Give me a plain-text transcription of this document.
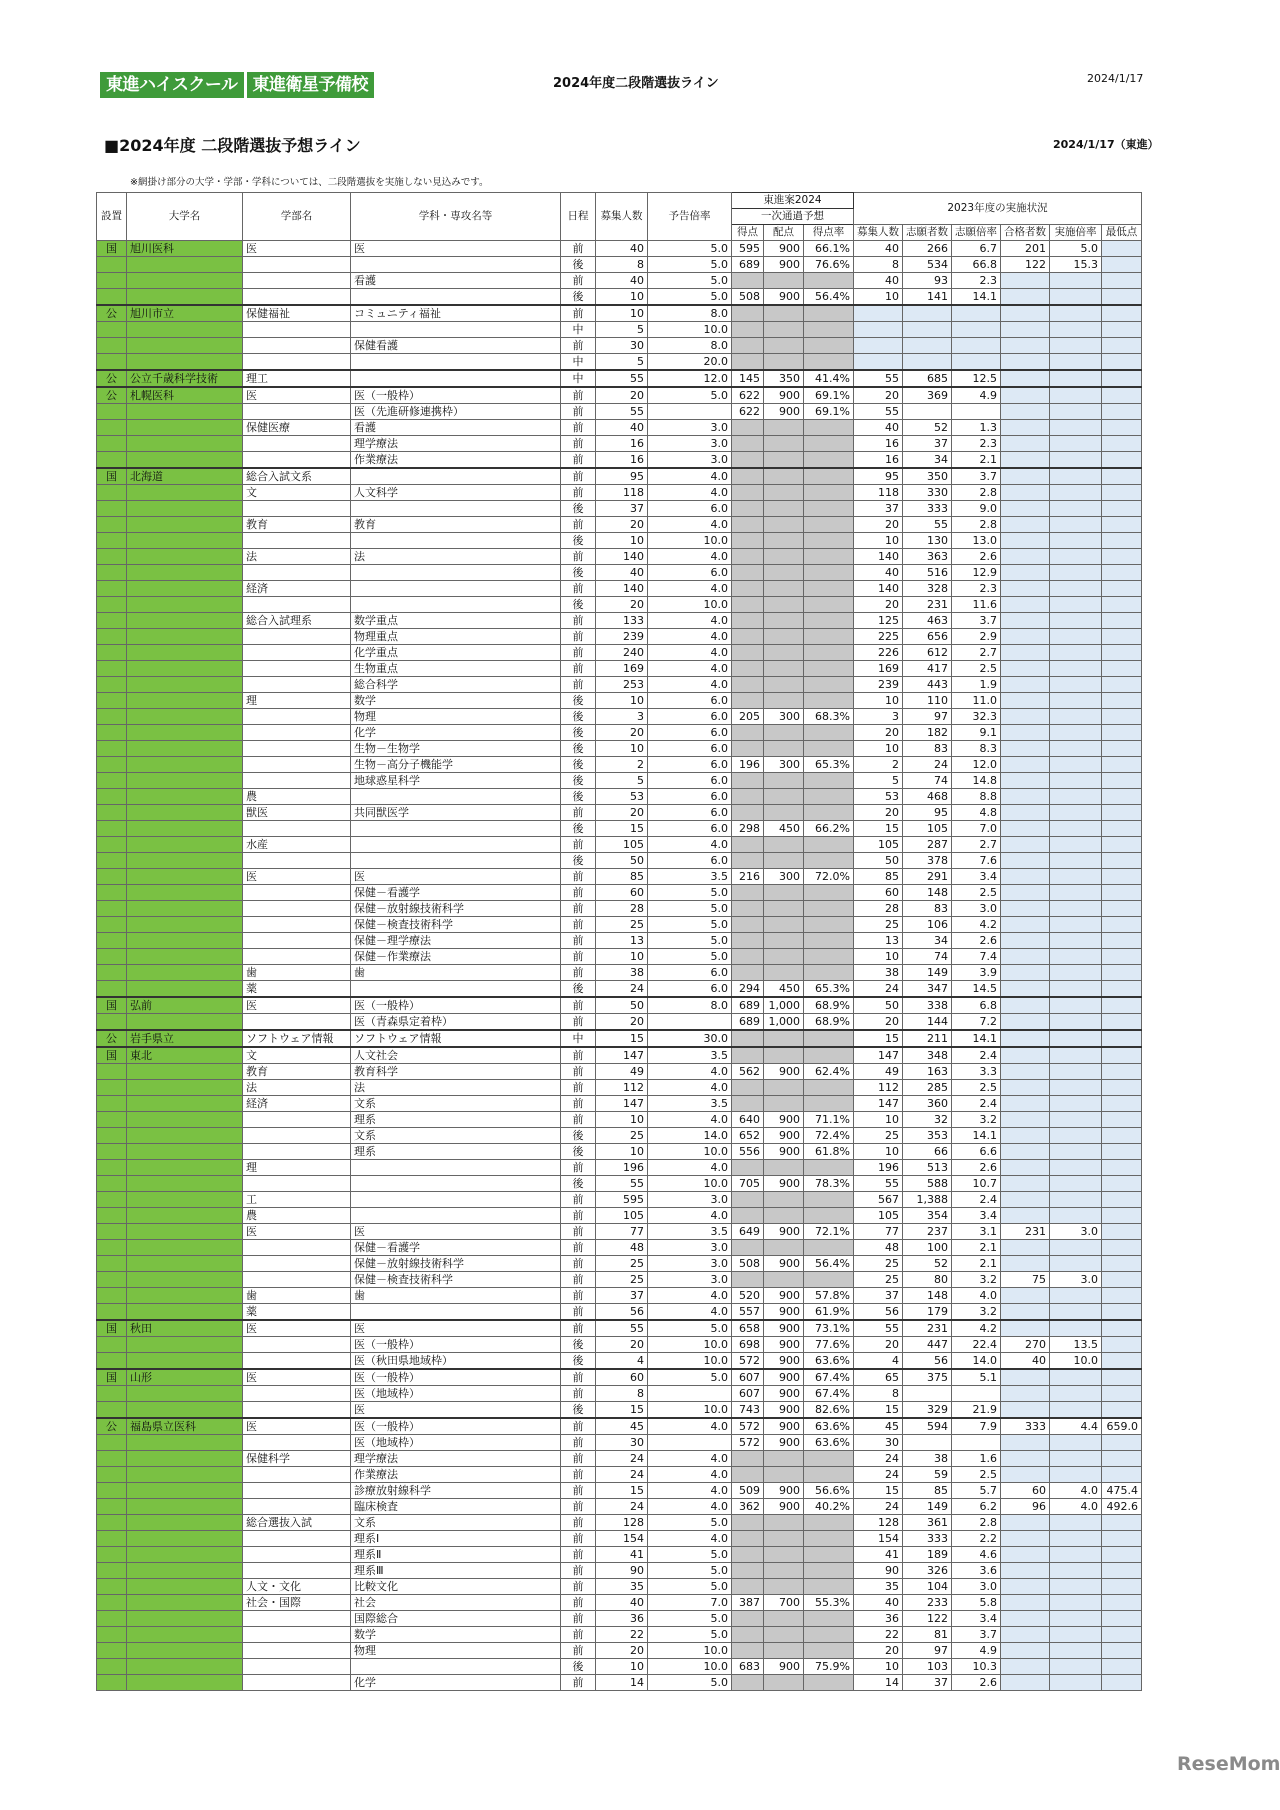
東進ハイスクール 東進衛星予備校	2024年度二段階選抜ライン	2024/1/17
■2024年度 二段階選抜予想ライン	2024/1/17（東進）
※網掛け部分の大学・学部・学科については、二段階選抜を実施しない見込みです。
設置	大学名	学部名	学科・専攻名等	日程	募集人数	予告倍率	東進案2024			2023年度の実施状況					
							一次通過予想								
							得点	配点	得点率	募集人数	志願者数	志願倍率	合格者数	実施倍率	最低点
国	旭川医科	医	医	前	40	5.0	595	900	66.1%	40	266	6.7	201	5.0	
				後	8	5.0	689	900	76.6%	8	534	66.8	122	15.3	
			看護	前	40	5.0				40	93	2.3			
				後	10	5.0	508	900	56.4%	10	141	14.1			
公	旭川市立	保健福祉	コミュニティ福祉	前	10	8.0									
				中	5	10.0									
			保健看護	前	30	8.0									
				中	5	20.0									
公	公立千歳科学技術	理工		中	55	12.0	145	350	41.4%	55	685	12.5			
公	札幌医科	医	医（一般枠）	前	20	5.0	622	900	69.1%	20	369	4.9			
			医（先進研修連携枠）	前	55		622	900	69.1%	55					
		保健医療	看護	前	40	3.0				40	52	1.3			
			理学療法	前	16	3.0				16	37	2.3			
			作業療法	前	16	3.0				16	34	2.1			
国	北海道	総合入試文系		前	95	4.0				95	350	3.7			
		文	人文科学	前	118	4.0				118	330	2.8			
				後	37	6.0				37	333	9.0			
		教育	教育	前	20	4.0				20	55	2.8			
				後	10	10.0				10	130	13.0			
		法	法	前	140	4.0				140	363	2.6			
				後	40	6.0				40	516	12.9			
		経済		前	140	4.0				140	328	2.3			
				後	20	10.0				20	231	11.6			
		総合入試理系	数学重点	前	133	4.0				125	463	3.7			
			物理重点	前	239	4.0				225	656	2.9			
			化学重点	前	240	4.0				226	612	2.7			
			生物重点	前	169	4.0				169	417	2.5			
			総合科学	前	253	4.0				239	443	1.9			
		理	数学	後	10	6.0				10	110	11.0			
			物理	後	3	6.0	205	300	68.3%	3	97	32.3			
			化学	後	20	6.0				20	182	9.1			
			生物－生物学	後	10	6.0				10	83	8.3			
			生物－高分子機能学	後	2	6.0	196	300	65.3%	2	24	12.0			
			地球惑星科学	後	5	6.0				5	74	14.8			
		農		後	53	6.0				53	468	8.8			
		獣医	共同獣医学	前	20	6.0				20	95	4.8			
				後	15	6.0	298	450	66.2%	15	105	7.0			
		水産		前	105	4.0				105	287	2.7			
				後	50	6.0				50	378	7.6			
		医	医	前	85	3.5	216	300	72.0%	85	291	3.4			
			保健－看護学	前	60	5.0				60	148	2.5			
			保健－放射線技術科学	前	28	5.0				28	83	3.0			
			保健－検査技術科学	前	25	5.0				25	106	4.2			
			保健－理学療法	前	13	5.0				13	34	2.6			
			保健－作業療法	前	10	5.0				10	74	7.4			
		歯	歯	前	38	6.0				38	149	3.9			
		薬		後	24	6.0	294	450	65.3%	24	347	14.5			
国	弘前	医	医（一般枠）	前	50	8.0	689	1,000	68.9%	50	338	6.8			
			医（青森県定着枠）	前	20		689	1,000	68.9%	20	144	7.2			
公	岩手県立	ソフトウェア情報	ソフトウェア情報	中	15	30.0				15	211	14.1			
国	東北	文	人文社会	前	147	3.5				147	348	2.4			
		教育	教育科学	前	49	4.0	562	900	62.4%	49	163	3.3			
		法	法	前	112	4.0				112	285	2.5			
		経済	文系	前	147	3.5				147	360	2.4			
			理系	前	10	4.0	640	900	71.1%	10	32	3.2			
			文系	後	25	14.0	652	900	72.4%	25	353	14.1			
			理系	後	10	10.0	556	900	61.8%	10	66	6.6			
		理		前	196	4.0				196	513	2.6			
				後	55	10.0	705	900	78.3%	55	588	10.7			
		工		前	595	3.0				567	1,388	2.4			
		農		前	105	4.0				105	354	3.4			
		医	医	前	77	3.5	649	900	72.1%	77	237	3.1	231	3.0	
			保健－看護学	前	48	3.0				48	100	2.1			
			保健－放射線技術科学	前	25	3.0	508	900	56.4%	25	52	2.1			
			保健－検査技術科学	前	25	3.0				25	80	3.2	75	3.0	
		歯	歯	前	37	4.0	520	900	57.8%	37	148	4.0			
		薬		前	56	4.0	557	900	61.9%	56	179	3.2			
国	秋田	医	医	前	55	5.0	658	900	73.1%	55	231	4.2			
			医（一般枠）	後	20	10.0	698	900	77.6%	20	447	22.4	270	13.5	
			医（秋田県地域枠）	後	4	10.0	572	900	63.6%	4	56	14.0	40	10.0	
国	山形	医	医（一般枠）	前	60	5.0	607	900	67.4%	65	375	5.1			
			医（地域枠）	前	8		607	900	67.4%	8					
			医	後	15	10.0	743	900	82.6%	15	329	21.9			
公	福島県立医科	医	医（一般枠）	前	45	4.0	572	900	63.6%	45	594	7.9	333	4.4	659.0
			医（地域枠）	前	30		572	900	63.6%	30					
		保健科学	理学療法	前	24	4.0				24	38	1.6			
			作業療法	前	24	4.0				24	59	2.5			
			診療放射線科学	前	15	4.0	509	900	56.6%	15	85	5.7	60	4.0	475.4
			臨床検査	前	24	4.0	362	900	40.2%	24	149	6.2	96	4.0	492.6
		総合選抜入試	文系	前	128	5.0				128	361	2.8			
			理系Ⅰ	前	154	4.0				154	333	2.2			
			理系Ⅱ	前	41	5.0				41	189	4.6			
			理系Ⅲ	前	90	5.0				90	326	3.6			
		人文・文化	比較文化	前	35	5.0				35	104	3.0			
		社会・国際	社会	前	40	7.0	387	700	55.3%	40	233	5.8			
			国際総合	前	36	5.0				36	122	3.4			
			数学	前	22	5.0				22	81	3.7			
			物理	前	20	10.0				20	97	4.9			
				後	10	10.0	683	900	75.9%	10	103	10.3			
			化学	前	14	5.0				14	37	2.6			
ReseMom
